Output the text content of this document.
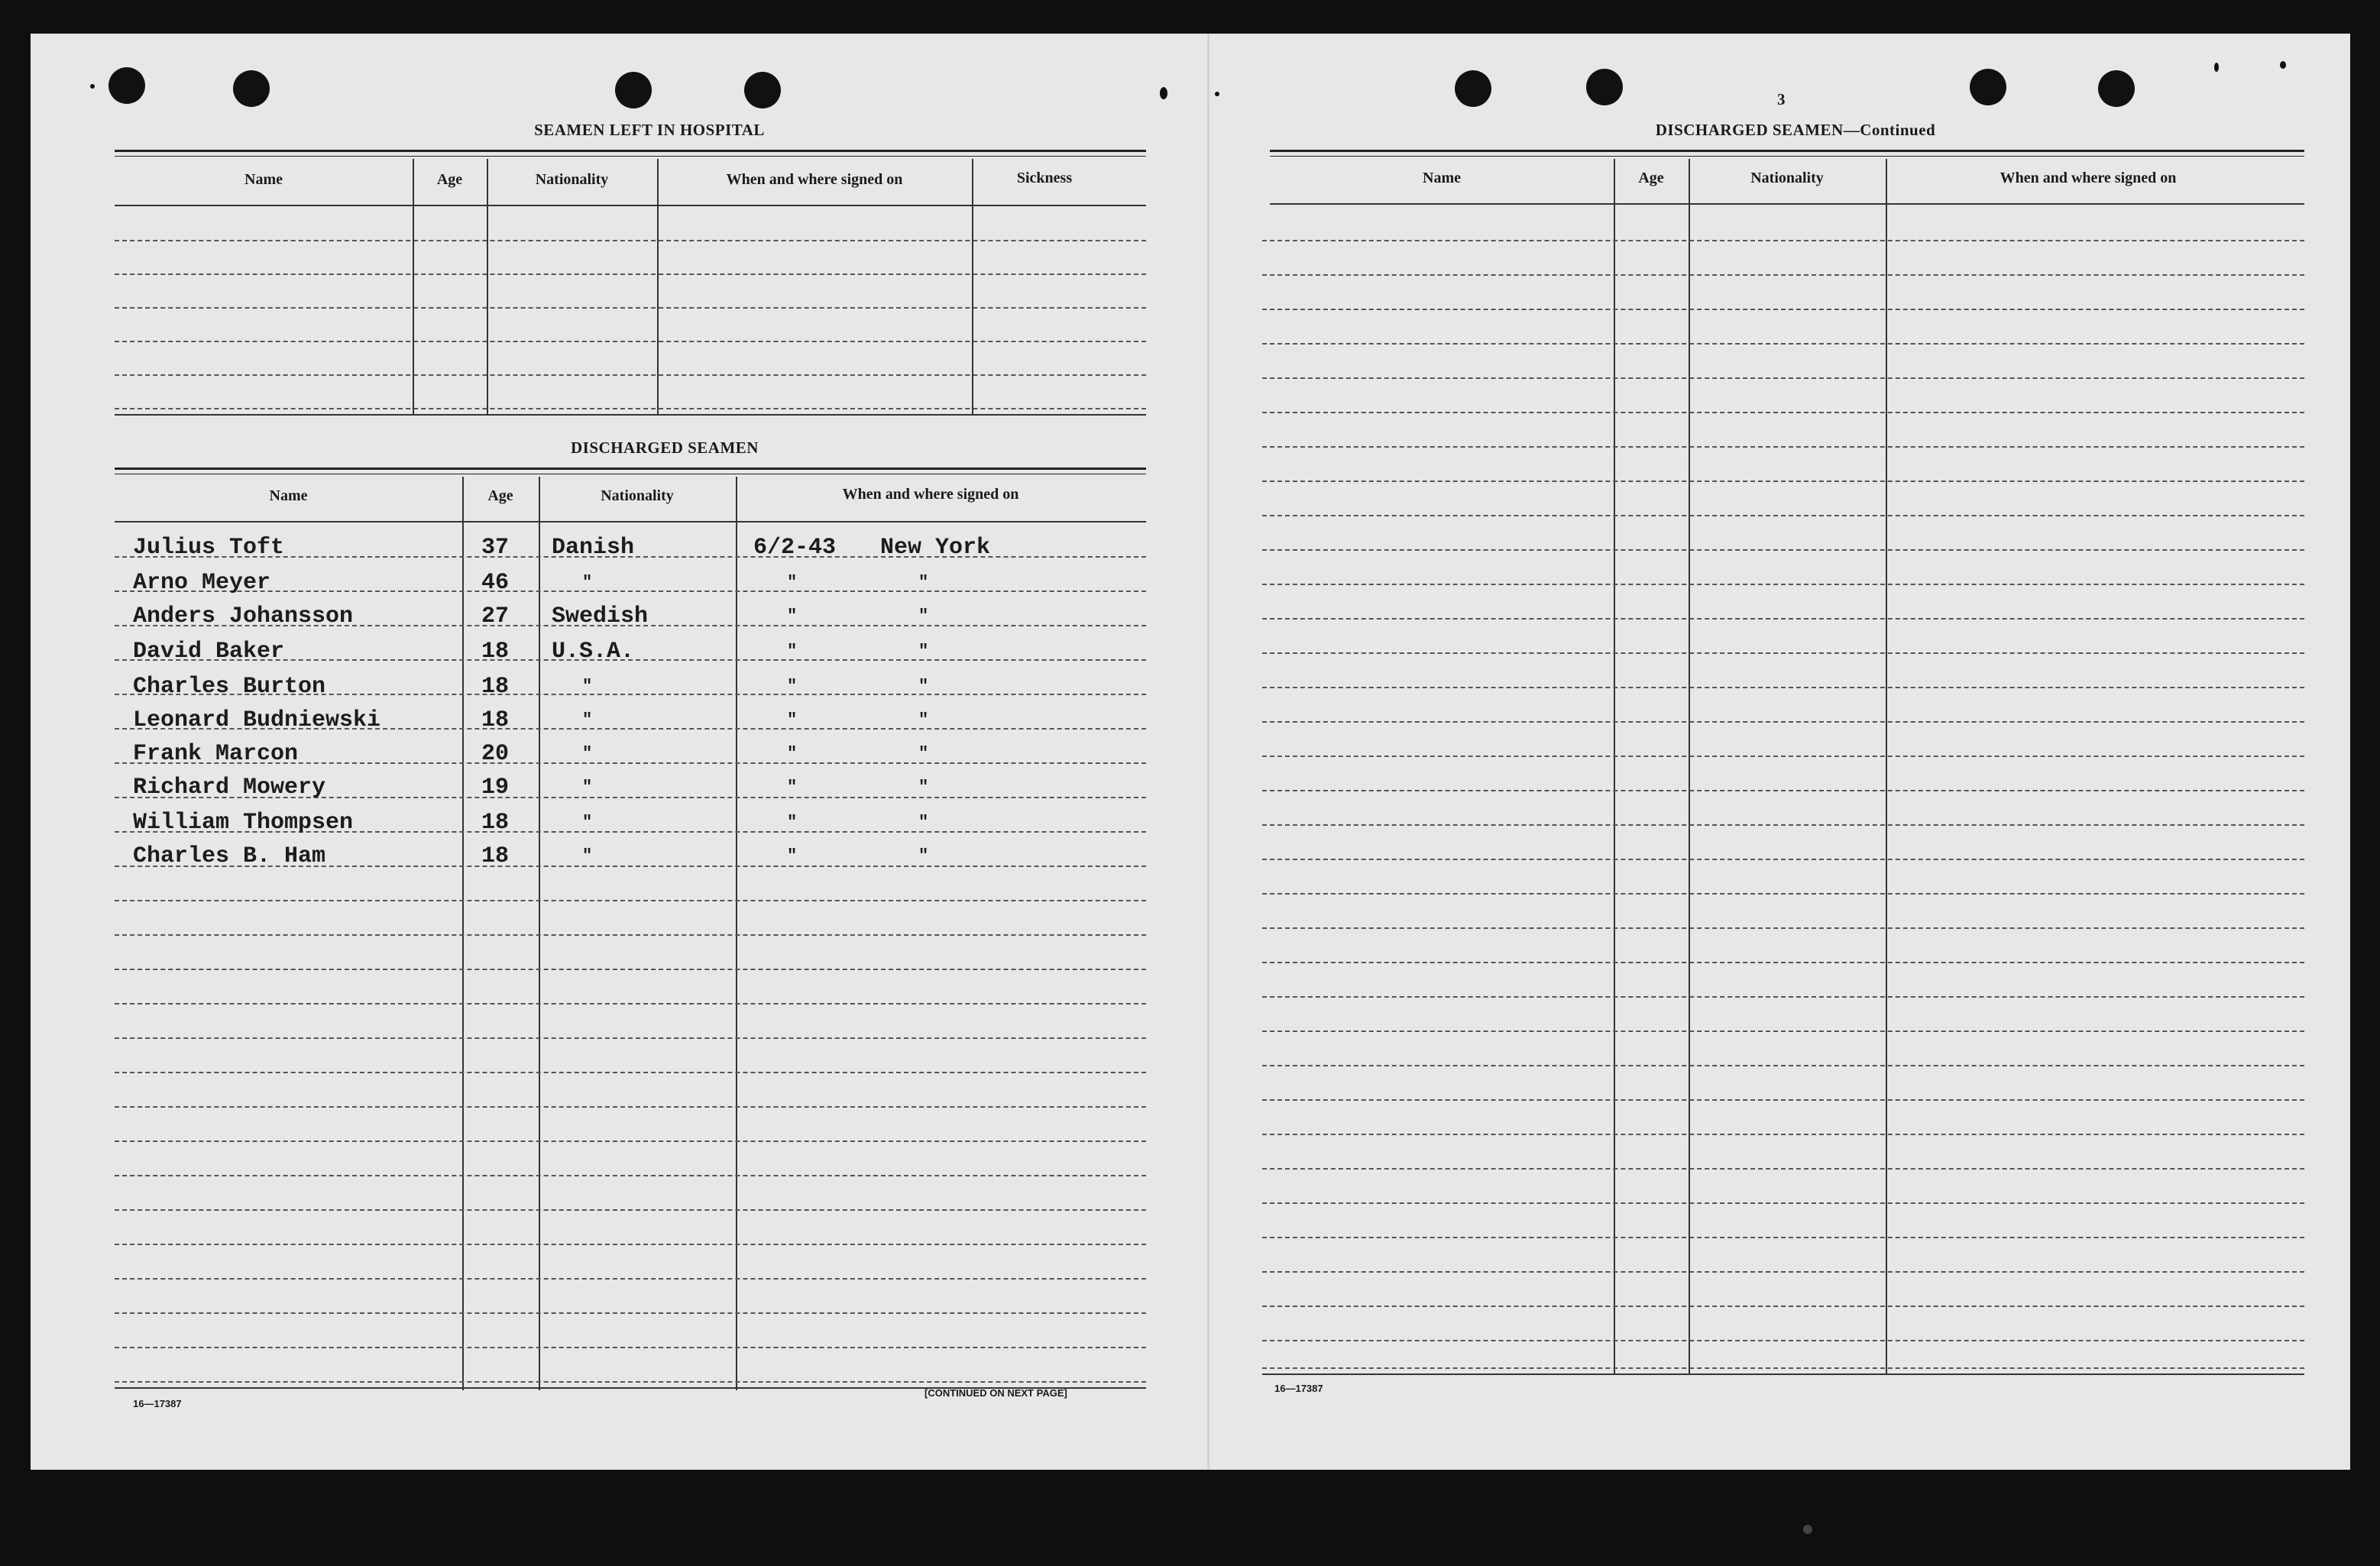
SEAMEN LEFT IN HOSPITAL
Name	Age	Nationality	When and where signed on	Sickness
DISCHARGED SEAMEN
Name	Age	Nationality	When and where signed on
Julius Toft	37 Danish	6/2-43 New York
Arno Meyer	46	"	"	"
Anders Johansson	27 Swedish	"	"
David Baker	18 U.S.A.	"	"
Charles Burton	18	"	"	"
Leonard Budniewski	18	"	"	"
Frank Marcon	20	"	"	"
Richard Mowery	19	"	"	"
William Thompsen	18	"	"	"
Charles B. Ham	18	"	"	"
16—17387
[CONTINUED ON NEXT PAGE]
3
DISCHARGED SEAMEN—Continued
Name	Age	Nationality	When and where signed on
16—17387
